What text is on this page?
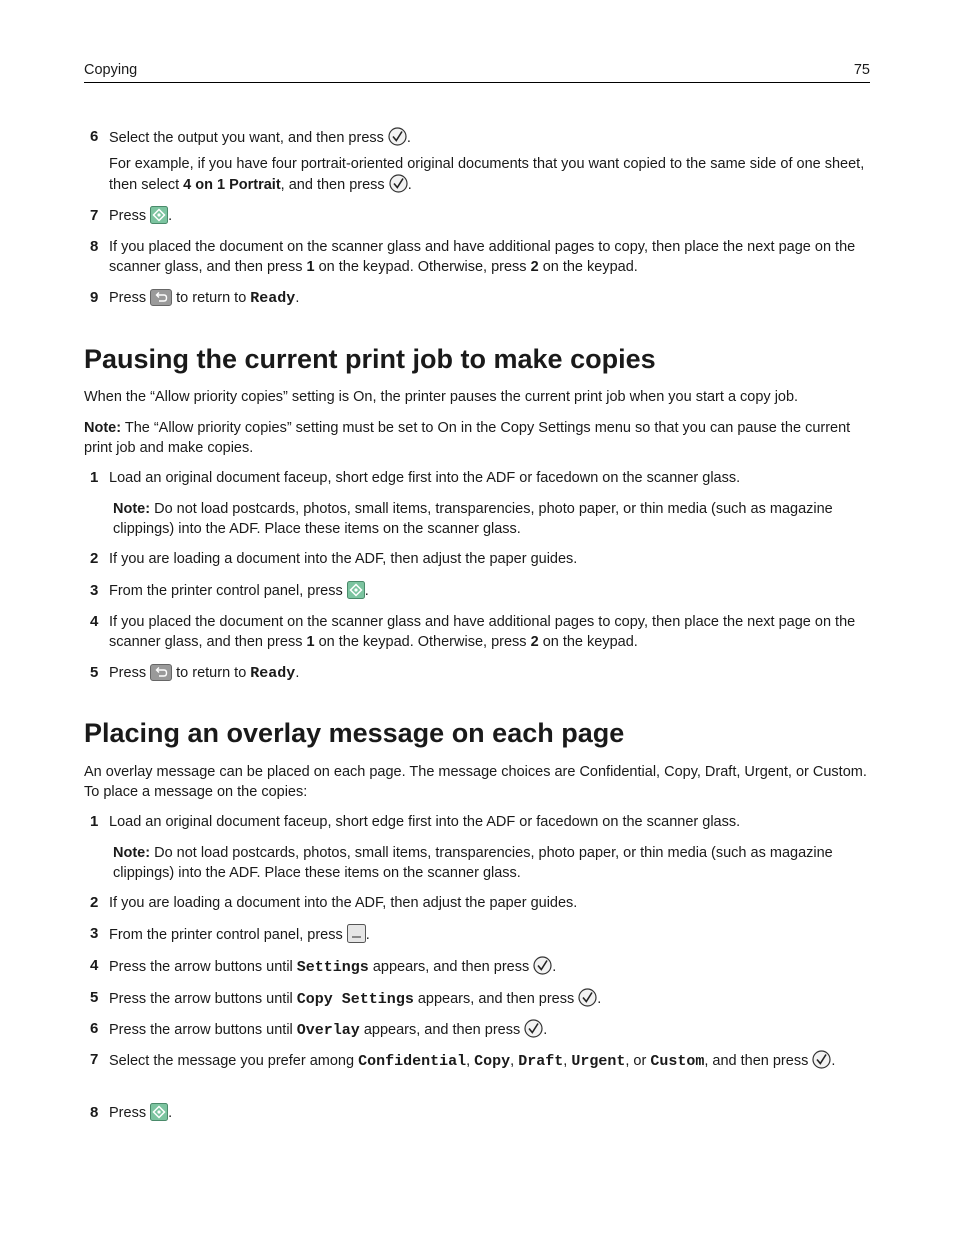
Copying	75
6 Select the output you want, and then press .
For example, if you have four portrait-oriented original documents that you want copied to the same side of one sheet, then select 4 on 1 Portrait, and then press .
7 Press .
8 If you placed the document on the scanner glass and have additional pages to copy, then place the next page on the scanner glass, and then press 1 on the keypad. Otherwise, press 2 on the keypad.
9 Press to return to Ready.
Pausing the current print job to make copies
When the “Allow priority copies” setting is On, the printer pauses the current print job when you start a copy job.
Note: The “Allow priority copies” setting must be set to On in the Copy Settings menu so that you can pause the current print job and make copies.
1 Load an original document faceup, short edge first into the ADF or facedown on the scanner glass.
Note: Do not load postcards, photos, small items, transparencies, photo paper, or thin media (such as magazine clippings) into the ADF. Place these items on the scanner glass.
2 If you are loading a document into the ADF, then adjust the paper guides.
3 From the printer control panel, press .
4 If you placed the document on the scanner glass and have additional pages to copy, then place the next page on the scanner glass, and then press 1 on the keypad. Otherwise, press 2 on the keypad.
5 Press to return to Ready.
Placing an overlay message on each page
An overlay message can be placed on each page. The message choices are Confidential, Copy, Draft, Urgent, or Custom. To place a message on the copies:
1 Load an original document faceup, short edge first into the ADF or facedown on the scanner glass.
Note: Do not load postcards, photos, small items, transparencies, photo paper, or thin media (such as magazine clippings) into the ADF. Place these items on the scanner glass.
2 If you are loading a document into the ADF, then adjust the paper guides.
3 From the printer control panel, press .
4 Press the arrow buttons until Settings appears, and then press .
5 Press the arrow buttons until Copy Settings appears, and then press .
6 Press the arrow buttons until Overlay appears, and then press .
7 Select the message you prefer among Confidential, Copy, Draft, Urgent, or Custom, and then press .
8 Press .
